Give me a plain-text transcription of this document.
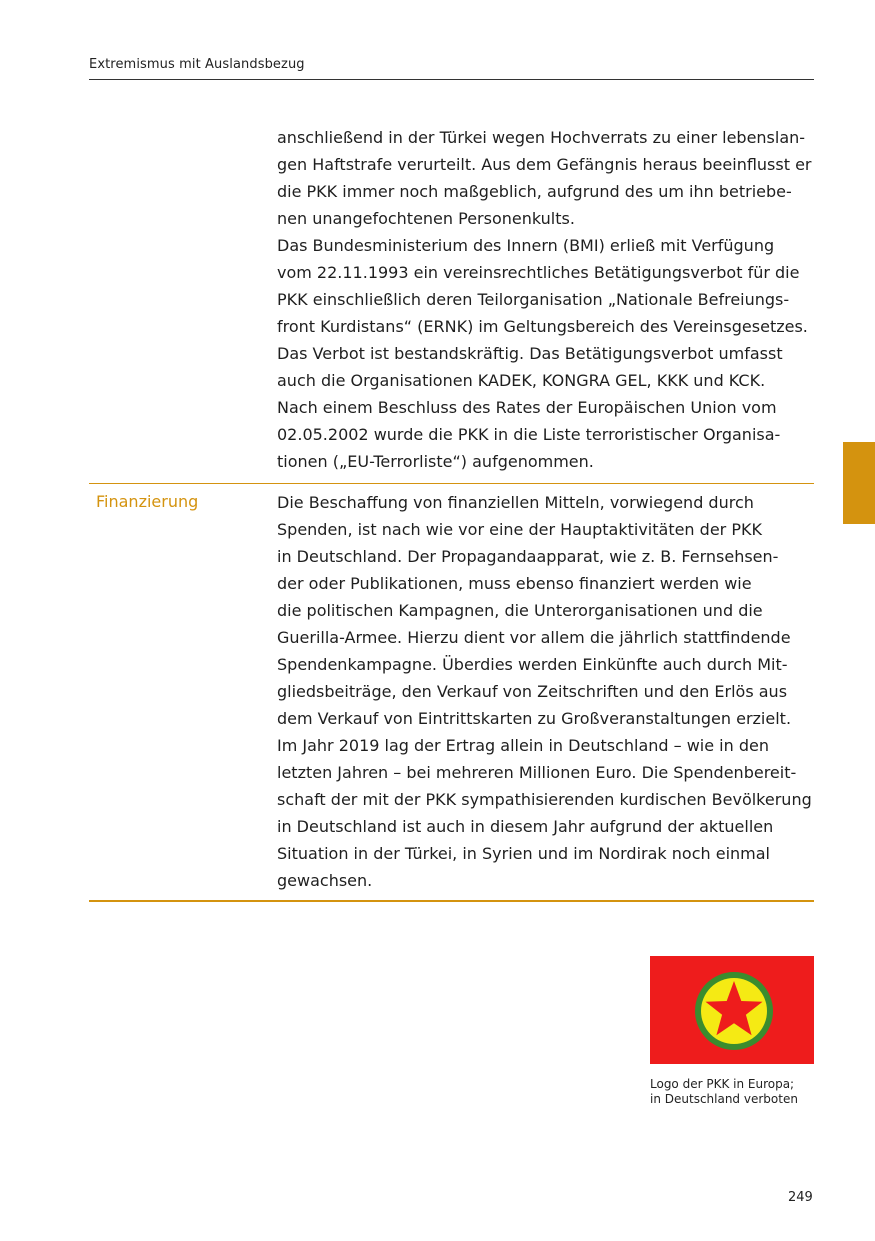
Extremismus mit Auslandsbezug

anschließend in der Türkei wegen Hochverrats zu einer lebenslan-
gen Haftstrafe verurteilt. Aus dem Gefängnis heraus beeinflusst er
die PKK immer noch maßgeblich, aufgrund des um ihn betriebe-
nen unangefochtenen Personenkults.
Das Bundesministerium des Innern (BMI) erließ mit Verfügung
vom 22.11.1993 ein vereinsrechtliches Betätigungsverbot für die
PKK einschließlich deren Teilorganisation „Nationale Befreiungs-
front Kurdistans“ (ERNK) im Geltungsbereich des Vereinsgesetzes.
Das Verbot ist bestandskräftig. Das Betätigungsverbot umfasst
auch die Organisationen KADEK, KONGRA GEL, KKK und KCK.
Nach einem Beschluss des Rates der Europäischen Union vom
02.05.2002 wurde die PKK in die Liste terroristischer Organisa-
tionen („EU-Terrorliste“) aufgenommen.

Finanzierung	Die Beschaffung von finanziellen Mitteln, vorwiegend durch
Spenden, ist nach wie vor eine der Hauptaktivitäten der PKK
in Deutschland. Der Propagandaapparat, wie z. B. Fernsehsen-
der oder Publikationen, muss ebenso finanziert werden wie
die politischen Kampagnen, die Unterorganisationen und die
Guerilla-Armee. Hierzu dient vor allem die jährlich stattfindende
Spendenkampagne. Überdies werden Einkünfte auch durch Mit-
gliedsbeiträge, den Verkauf von Zeitschriften und den Erlös aus
dem Verkauf von Eintrittskarten zu Großveranstaltungen erzielt.
Im Jahr 2019 lag der Ertrag allein in Deutschland – wie in den
letzten Jahren – bei mehreren Millionen Euro. Die Spendenbereit-
schaft der mit der PKK sympathisierenden kurdischen Bevölkerung
in Deutschland ist auch in diesem Jahr aufgrund der aktuellen
Situation in der Türkei, in Syrien und im Nordirak noch einmal
gewachsen.

Logo der PKK in Europa;
in Deutschland verboten
249
